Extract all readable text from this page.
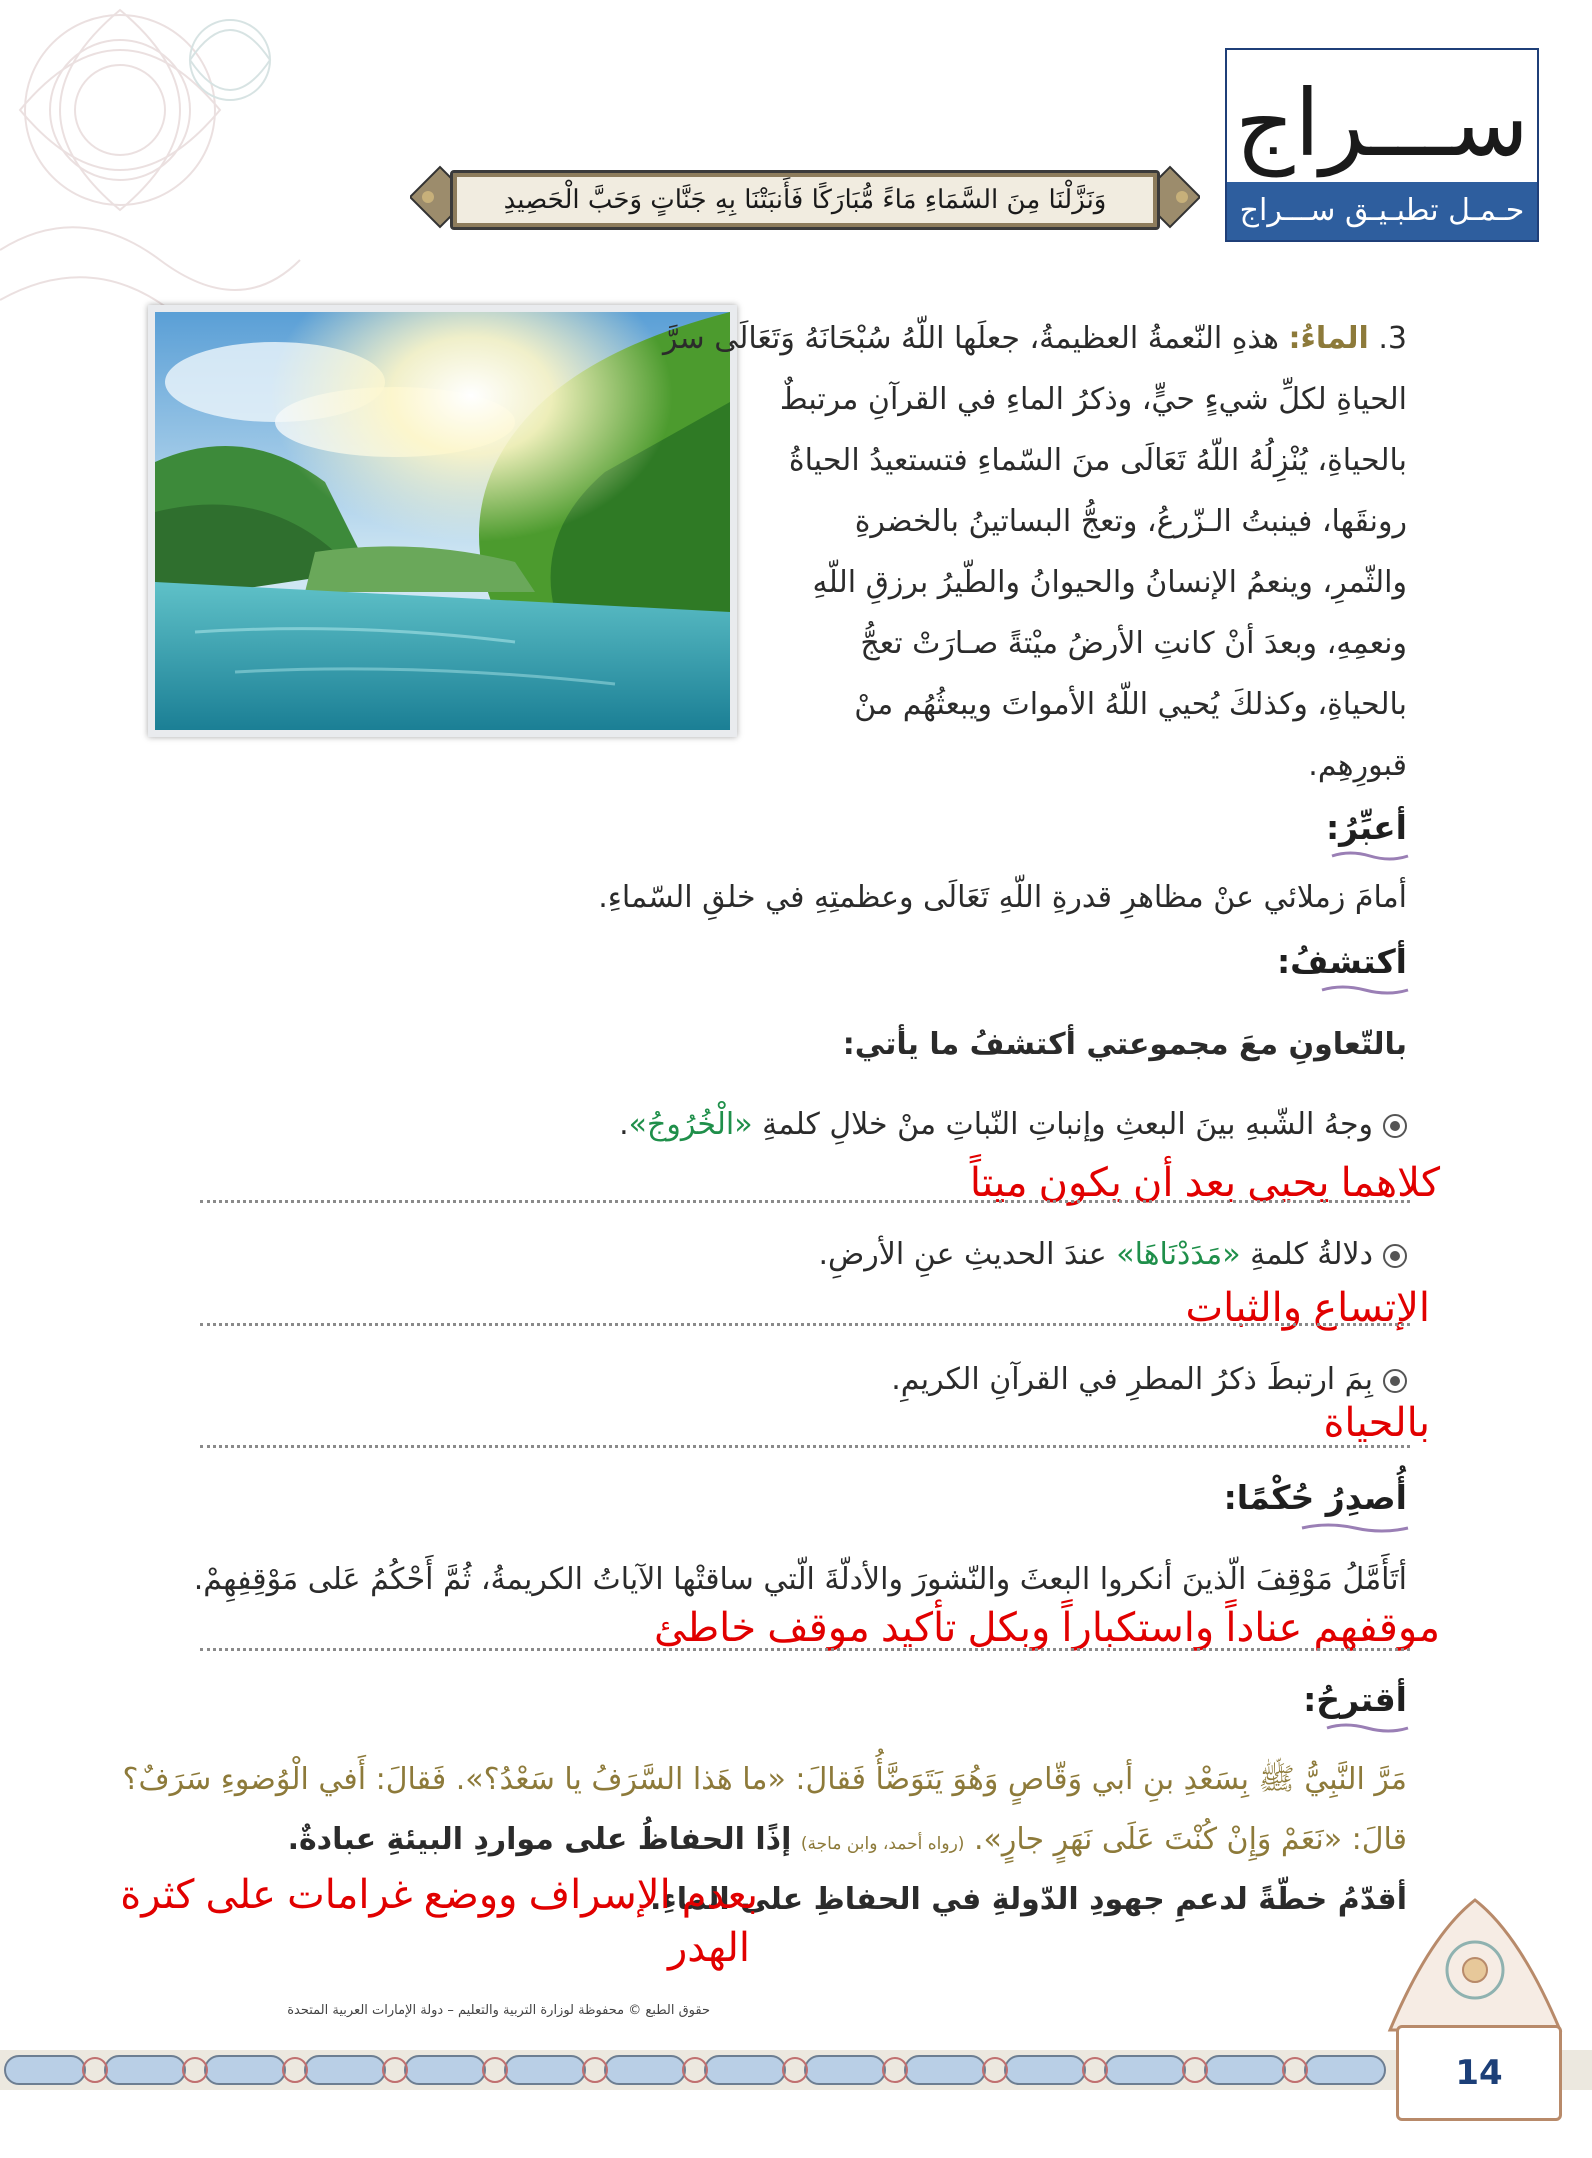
ســـراج
حـمـل تطبـيـق ســـراج
وَنَزَّلْنَا مِنَ السَّمَاءِ مَاءً مُّبَارَكًا فَأَنبَتْنَا بِهِ جَنَّاتٍ وَحَبَّ الْحَصِيدِ
3. الماءُ: هذهِ النّعمةُ العظيمةُ، جعلَها اللّهُ سُبْحَانَهُ وَتَعَالَى سرَّ
الحياةِ لكلِّ شيءٍ حيٍّ، وذكرُ الماءِ في القرآنِ مرتبطٌ
بالحياةِ، يُنْزِلُهُ اللّهُ تَعَالَى منَ السّماءِ فتستعيدُ الحياةُ
رونقَها، فينبتُ الـزّرعُ، وتعجُّ البساتينُ بالخضرةِ
والثّمرِ، وينعمُ الإنسانُ والحيوانُ والطّيرُ برزقِ اللّهِ
ونعمِهِ، وبعدَ أنْ كانتِ الأرضُ ميْتةً صـارَتْ تعجُّ
بالحياةِ، وكذلكَ يُحيي اللّهُ الأمواتَ ويبعثُهُم منْ
قبورِهِم.
أعبِّرُ:
أمامَ زملائي عنْ مظاهرِ قدرةِ اللّهِ تَعَالَى وعظمتِهِ في خلقِ السّماءِ.
أكتشفُ:
بالتّعاونِ معَ مجموعتي أكتشفُ ما يأتي:
وجهُ الشّبهِ بينَ البعثِ وإنباتِ النّباتِ منْ خلالِ كلمةِ «الْخُرُوجُ».
كلاهما يحيى بعد أن يكون ميتاً
دلالةُ كلمةِ «مَدَدْنَاهَا» عندَ الحديثِ عنِ الأرضِ.
الإتساع والثبات
بِمَ ارتبطَ ذكرُ المطرِ في القرآنِ الكريمِ.
بالحياة
أُصدِرُ حُكْمًا:
أتَأَمَّلُ مَوْقِفَ الّذينَ أنكروا البعثَ والنّشورَ والأدلّةَ الّتي ساقتْها الآياتُ الكريمةُ، ثُمَّ أَحْكُمُ عَلى مَوْقِفِهِمْ.
موقفهم عناداً واستكباراً وبكل تأكيد موقف خاطئ
أقترحُ:
مَرَّ النَّبِيُّ ﷺ بِسَعْدِ بنِ أبي وَقّاصٍ وَهُوَ يَتَوَضَّأُ فَقالَ: «ما هَذا السَّرَفُ يا سَعْدُ؟». فَقالَ: أَفي الْوُضوءِ سَرَفٌ؟
قالَ: «نَعَمْ وَإِنْ كُنْتَ عَلَى نَهَرٍ جارٍ». (رواه أحمد، وابن ماجة) إذًا الحفاظُ على مواردِ البيئةِ عبادةٌ.
أقدّمُ خطّةً لدعمِ جهودِ الدّولةِ في الحفاظِ على الماءِ.
بعدم الإسراف ووضع غرامات على كثرة
الهدر
حقوق الطبع © محفوظة لوزارة التربية والتعليم – دولة الإمارات العربية المتحدة
14
